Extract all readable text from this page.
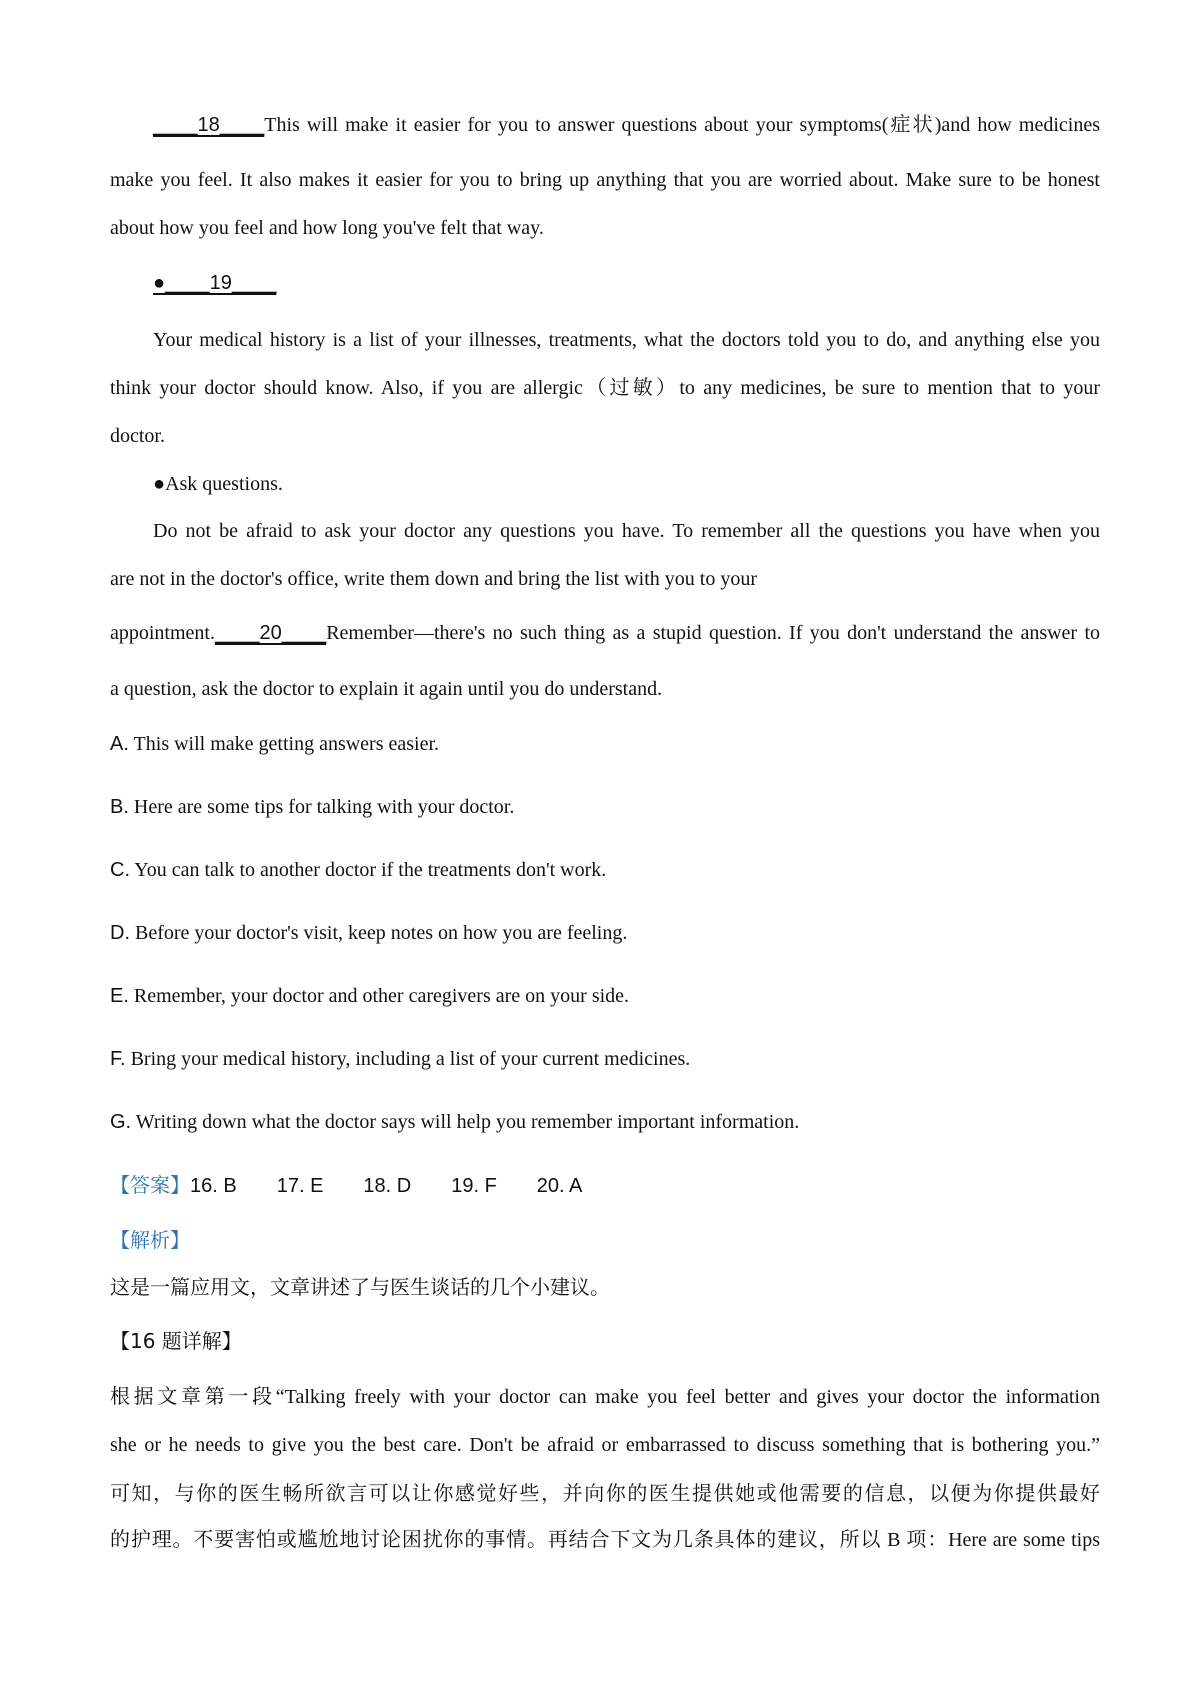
____18____This will make it easier for you to answer questions about your symptoms(症状)and how medicines
make you feel. It also makes it easier for you to bring up anything that you are worried about. Make sure to be honest
about how you feel and how long you've felt that way.
●____19____
Your medical history is a list of your illnesses, treatments, what the doctors told you to do, and anything else you
think your doctor should know. Also, if you are allergic（过敏）to any medicines, be sure to mention that to your
doctor.
●Ask questions.
Do not be afraid to ask your doctor any questions you have. To remember all the questions you have when you
are not in the doctor's office, write them down and bring the list with you to your
appointment.____20____Remember—there's no such thing as a stupid question. If you don't understand the answer to
a question, ask the doctor to explain it again until you do understand.
A. This will make getting answers easier.
B. Here are some tips for talking with your doctor.
C. You can talk to another doctor if the treatments don't work.
D. Before your doctor's visit, keep notes on how you are feeling.
E. Remember, your doctor and other caregivers are on your side.
F. Bring your medical history, including a list of your current medicines.
G. Writing down what the doctor says will help you remember important information.
【答案】16. B 17. E 18. D 19. F 20. A
【解析】
这是一篇应用文，文章讲述了与医生谈话的几个小建议。
【16 题详解】
根据文章第一段“Talking freely with your doctor can make you feel better and gives your doctor the information
she or he needs to give you the best care. Don't be afraid or embarrassed to discuss something that is bothering you.”
可知，与你的医生畅所欲言可以让你感觉好些，并向你的医生提供她或他需要的信息，以便为你提供最好
的护理。不要害怕或尴尬地讨论困扰你的事情。再结合下文为几条具体的建议，所以 B 项：Here are some tips
